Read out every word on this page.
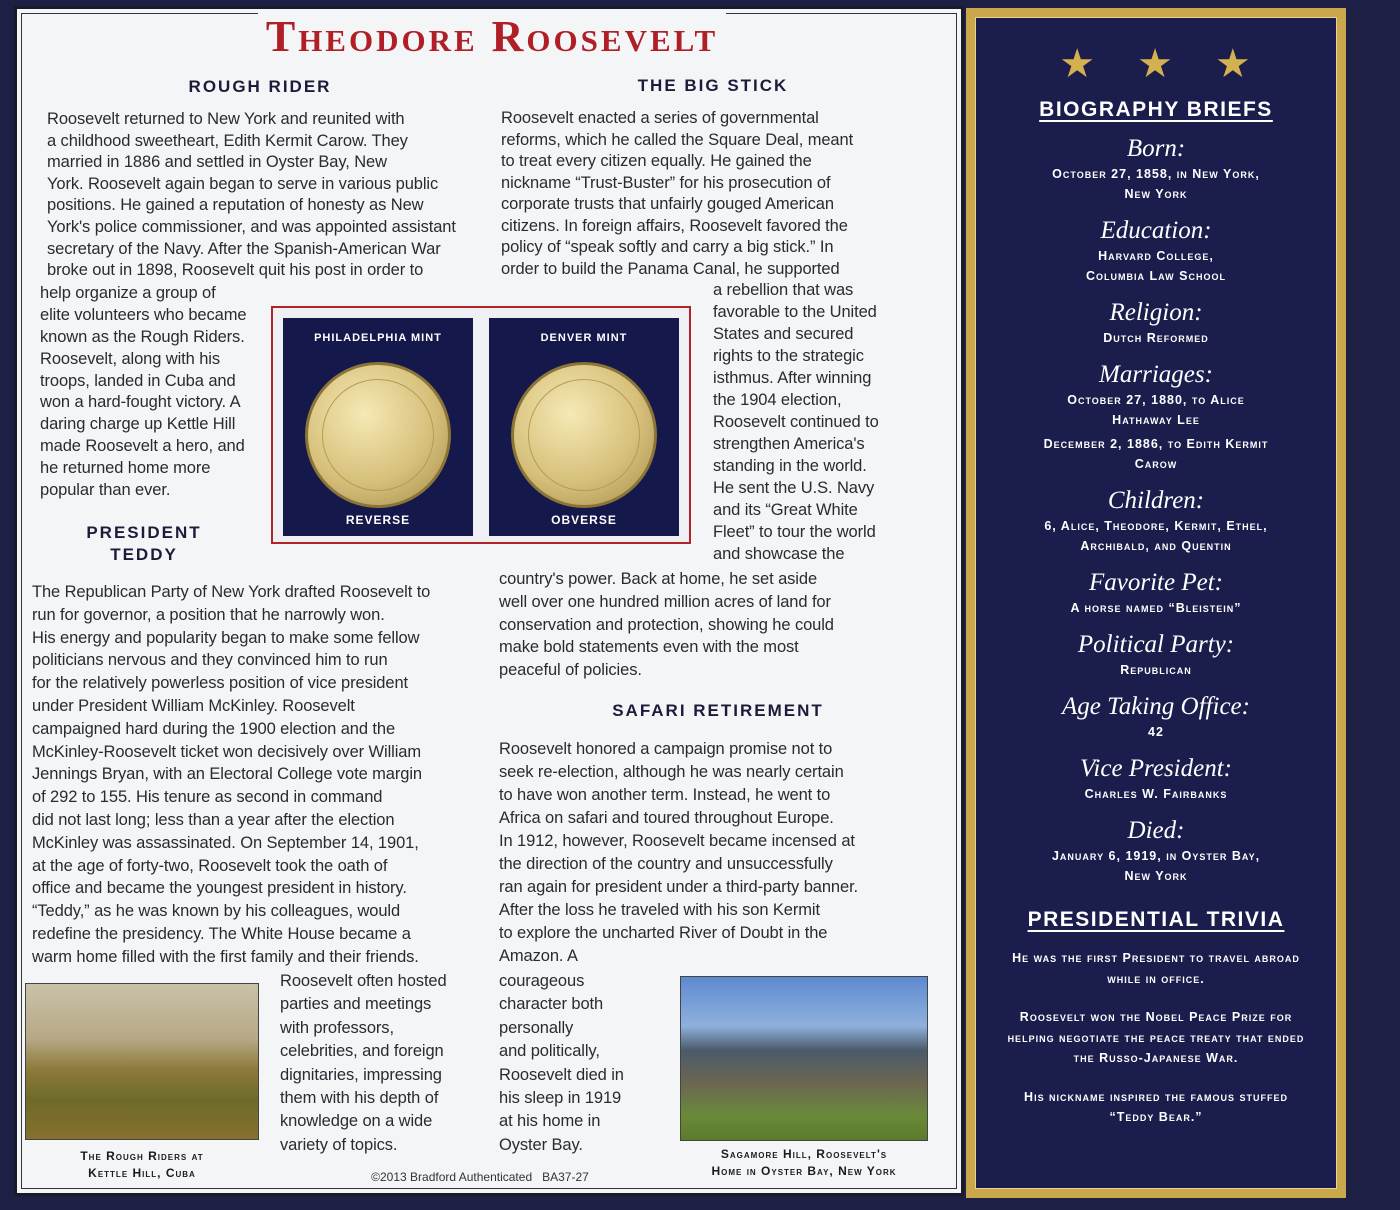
Theodore Roosevelt
ROUGH RIDER
Roosevelt returned to New York and reunited with
a childhood sweetheart, Edith Kermit Carow. They
married in 1886 and settled in Oyster Bay, New
York. Roosevelt again began to serve in various public
positions. He gained a reputation of honesty as New
York's police commissioner, and was appointed assistant
secretary of the Navy. After the Spanish-American War
broke out in 1898, Roosevelt quit his post in order to
help organize a group of
elite volunteers who became
known as the Rough Riders.
Roosevelt, along with his
troops, landed in Cuba and
won a hard-fought victory. A
daring charge up Kettle Hill
made Roosevelt a hero, and
he returned home more
popular than ever.
PRESIDENT
TEDDY
The Republican Party of New York drafted Roosevelt to
run for governor, a position that he narrowly won.
His energy and popularity began to make some fellow
politicians nervous and they convinced him to run
for the relatively powerless position of vice president
under President William McKinley. Roosevelt
campaigned hard during the 1900 election and the
McKinley-Roosevelt ticket won decisively over William
Jennings Bryan, with an Electoral College vote margin
of 292 to 155. His tenure as second in command
did not last long; less than a year after the election
McKinley was assassinated. On September 14, 1901,
at the age of forty-two, Roosevelt took the oath of
office and became the youngest president in history.
“Teddy,” as he was known by his colleagues, would
redefine the presidency. The White House became a
warm home filled with the first family and their friends.
Roosevelt often hosted
parties and meetings
with professors,
celebrities, and foreign
dignitaries, impressing
them with his depth of
knowledge on a wide
variety of topics.
THE BIG STICK
Roosevelt enacted a series of governmental
reforms, which he called the Square Deal, meant
to treat every citizen equally. He gained the
nickname “Trust-Buster” for his prosecution of
corporate trusts that unfairly gouged American
citizens. In foreign affairs, Roosevelt favored the
policy of “speak softly and carry a big stick.” In
order to build the Panama Canal, he supported
a rebellion that was
favorable to the United
States and secured
rights to the strategic
isthmus. After winning
the 1904 election,
Roosevelt continued to
strengthen America's
standing in the world.
He sent the U.S. Navy
and its “Great White
Fleet” to tour the world
and showcase the
country's power. Back at home, he set aside
well over one hundred million acres of land for
conservation and protection, showing he could
make bold statements even with the most
peaceful of policies.
SAFARI RETIREMENT
Roosevelt honored a campaign promise not to
seek re-election, although he was nearly certain
to have won another term. Instead, he went to
Africa on safari and toured throughout Europe.
In 1912, however, Roosevelt became incensed at
the direction of the country and unsuccessfully
ran again for president under a third-party banner.
After the loss he traveled with his son Kermit
to explore the uncharted River of Doubt in the
Amazon. A
courageous
character both
personally
and politically,
Roosevelt died in
his sleep in 1919
at his home in
Oyster Bay.
PHILADELPHIA MINT
REVERSE
DENVER MINT
OBVERSE
The Rough Riders at
Kettle Hill, Cuba
Sagamore Hill, Roosevelt's
Home in Oyster Bay, New York
©2013 Bradford Authenticated   BA37-27
★★★
BIOGRAPHY BRIEFS
Born:
October 27, 1858, in New York,
New York
Education:
Harvard College,
Columbia Law School
Religion:
Dutch Reformed
Marriages:
October 27, 1880, to Alice
Hathaway Lee
December 2, 1886, to Edith Kermit
Carow
Children:
6, Alice, Theodore, Kermit, Ethel,
Archibald, and Quentin
Favorite Pet:
A horse named “Bleistein”
Political Party:
Republican
Age Taking Office:
42
Vice President:
Charles W. Fairbanks
Died:
January 6, 1919, in Oyster Bay,
New York
PRESIDENTIAL TRIVIA
He was the first President to travel abroad while in office.
Roosevelt won the Nobel Peace Prize for helping negotiate the peace treaty that ended the Russo-Japanese War.
His nickname inspired the famous stuffed “Teddy Bear.”
